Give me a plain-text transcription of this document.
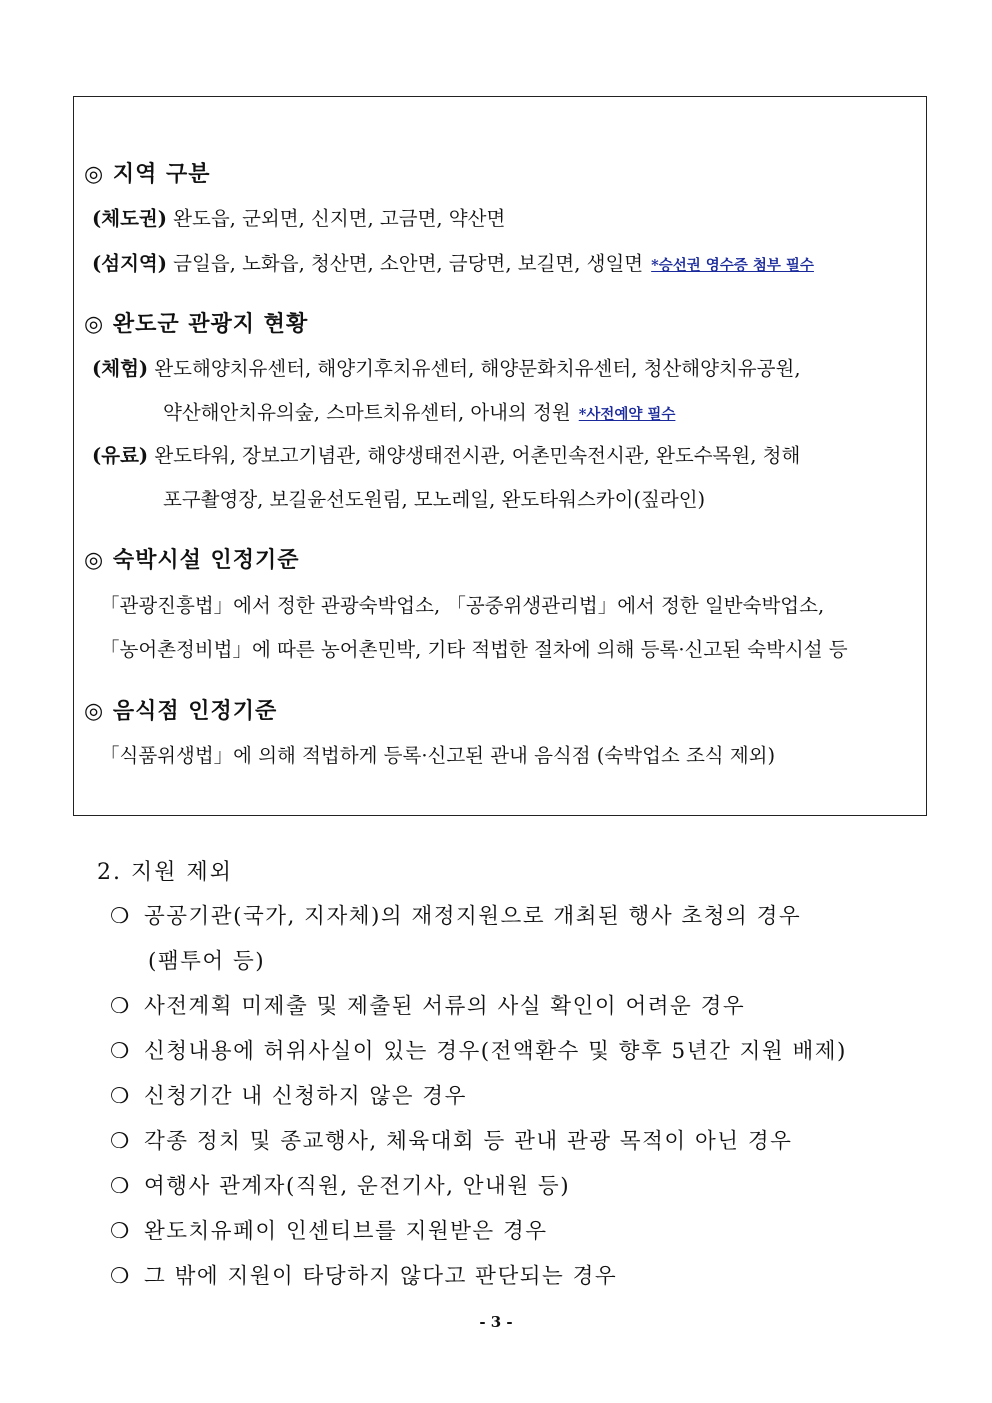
◎ 지역 구분
(체도권) 완도읍, 군외면, 신지면, 고금면, 약산면
(섬지역) 금일읍, 노화읍, 청산면, 소안면, 금당면, 보길면, 생일면 *승선권 영수증 첨부 필수
◎ 완도군 관광지 현황
(체험) 완도해양치유센터, 해양기후치유센터, 해양문화치유센터, 청산해양치유공원,
약산해안치유의숲, 스마트치유센터, 아내의 정원 *사전예약 필수
(유료) 완도타워, 장보고기념관, 해양생태전시관, 어촌민속전시관, 완도수목원, 청해
포구촬영장, 보길윤선도원림, 모노레일, 완도타워스카이(짚라인)
◎ 숙박시설 인정기준
「관광진흥법」에서 정한 관광숙박업소, 「공중위생관리법」에서 정한 일반숙박업소,
「농어촌정비법」에 따른 농어촌민박, 기타 적법한 절차에 의해 등록·신고된 숙박시설 등
◎ 음식점 인정기준
「식품위생법」에 의해 적법하게 등록·신고된 관내 음식점 (숙박업소 조식 제외)
2. 지원 제외
❍ 공공기관(국가, 지자체)의 재정지원으로 개최된 행사 초청의 경우
(팸투어 등)
❍ 사전계획 미제출 및 제출된 서류의 사실 확인이 어려운 경우
❍ 신청내용에 허위사실이 있는 경우(전액환수 및 향후 5년간 지원 배제)
❍ 신청기간 내 신청하지 않은 경우
❍ 각종 정치 및 종교행사, 체육대회 등 관내 관광 목적이 아닌 경우
❍ 여행사 관계자(직원, 운전기사, 안내원 등)
❍ 완도치유페이 인센티브를 지원받은 경우
❍ 그 밖에 지원이 타당하지 않다고 판단되는 경우
- 3 -
